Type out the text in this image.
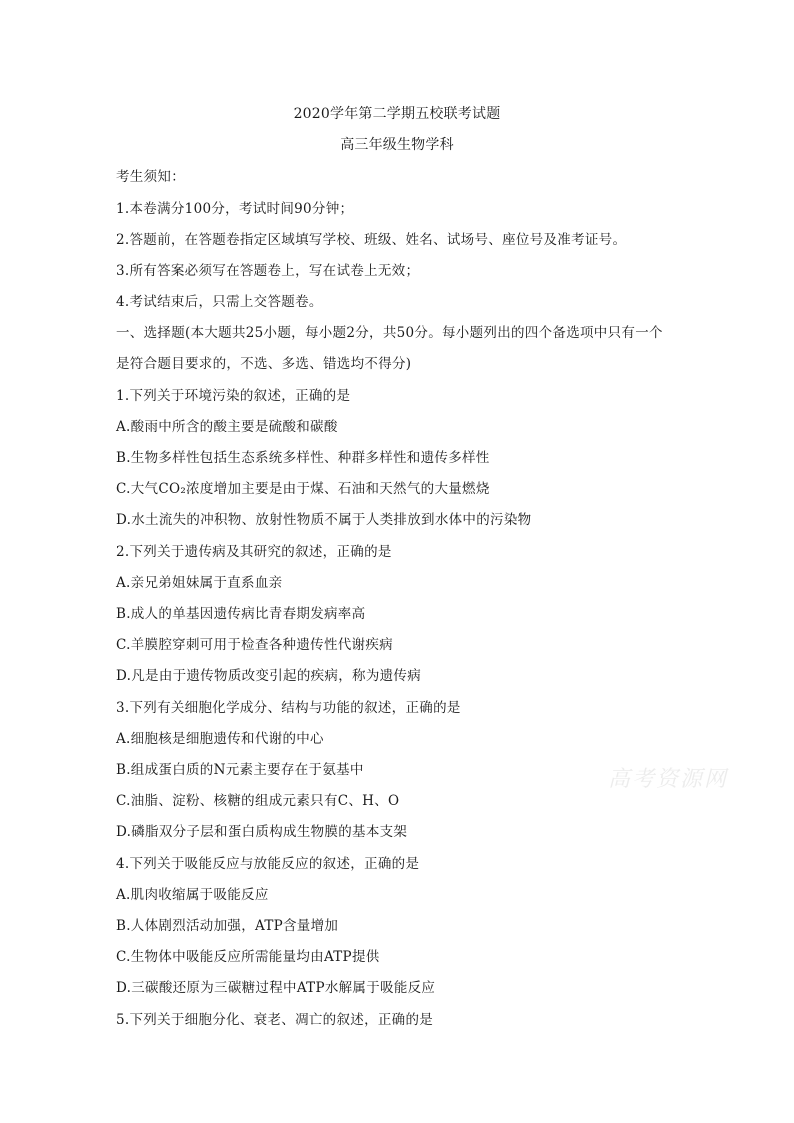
2020学年第二学期五校联考试题
高三年级生物学科
考生须知：
1.本卷满分100分，考试时间90分钟；
2.答题前，在答题卷指定区域填写学校、班级、姓名、试场号、座位号及准考证号。
3.所有答案必须写在答题卷上，写在试卷上无效；
4.考试结束后，只需上交答题卷。
一、选择题(本大题共25小题，每小题2分，共50分。每小题列出的四个备选项中只有一个
是符合题目要求的，不选、多选、错选均不得分)
1.下列关于环境污染的叙述，正确的是
A.酸雨中所含的酸主要是硫酸和碳酸
B.生物多样性包括生态系统多样性、种群多样性和遗传多样性
C.大气CO₂浓度增加主要是由于煤、石油和天然气的大量燃烧
D.水土流失的冲积物、放射性物质不属于人类排放到水体中的污染物
2.下列关于遗传病及其研究的叙述，正确的是
A.亲兄弟姐妹属于直系血亲
B.成人的单基因遗传病比青春期发病率高
C.羊膜腔穿刺可用于检查各种遗传性代谢疾病
D.凡是由于遗传物质改变引起的疾病，称为遗传病
3.下列有关细胞化学成分、结构与功能的叙述，正确的是
A.细胞核是细胞遗传和代谢的中心
B.组成蛋白质的N元素主要存在于氨基中
C.油脂、淀粉、核糖的组成元素只有C、H、O
D.磷脂双分子层和蛋白质构成生物膜的基本支架
4.下列关于吸能反应与放能反应的叙述，正确的是
A.肌肉收缩属于吸能反应
B.人体剧烈活动加强，ATP含量增加
C.生物体中吸能反应所需能量均由ATP提供
D.三碳酸还原为三碳糖过程中ATP水解属于吸能反应
5.下列关于细胞分化、衰老、凋亡的叙述，正确的是
高考资源网
